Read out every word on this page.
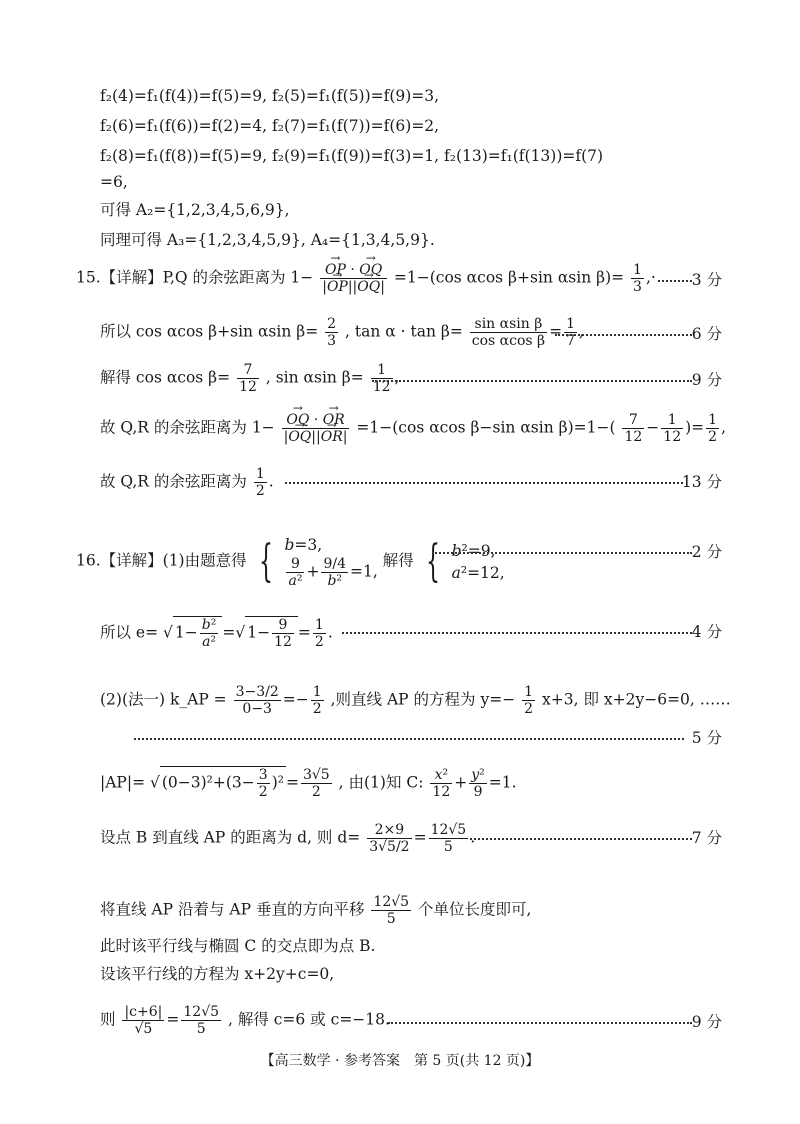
f₂(4)=f₁(f(4))=f(5)=9, f₂(5)=f₁(f(5))=f(9)=3,
f₂(6)=f₁(f(6))=f(2)=4, f₂(7)=f₁(f(7))=f(6)=2,
f₂(8)=f₁(f(8))=f(5)=9, f₂(9)=f₁(f(9))=f(3)=1, f₂(13)=f₁(f(13))=f(7)
=6,
可得 A₂={1,2,3,4,5,6,9},
同理可得 A₃={1,2,3,4,5,9}, A₄={1,3,4,5,9}.
15.【详解】P,Q 的余弦距离为 1−
→ $\frac{OP \cdot \to OQ}{|\to OP||\to OQ|} =1-(\cos$ αcos β+sin αsin $\beta)= \frac{1}{3}$ ,· 3 分
所以 cos αcos β+sin αsin $\beta= \frac{2}{3}$ , $\tan \alpha \cdot \tan \beta= \frac{\text{sin αsin β}}{\text{cos αcos β}} = \frac{1}{7}$ ,	6 分
解得 cos αcos $\beta= \frac{7}{12}$ , sin αsin $\beta= \frac{1}{12}$ ,	9 分
故 Q,R 的余弦距离为 1−
→ $\frac{OQ \cdot \to OR}{|\to OQ||\to OR|} =1-(\cos$ αcos β−sin αsin $\beta)=1-( \frac{7}{12} - \frac{1}{12}$ )= $\frac{1}{2}$ ,
故 Q,R 的余弦距离为 $\frac{1}{2}$ .	13 分
16.【详解】(1)由题意得 { b=3,
$\frac{9}{\text{a²}} + \frac{9/4}{\text{b²}} =1$,
解得 { b²=9,
a²=12,
2 分
所以 e= √ $1- \frac{\text{b²}}{\text{a²}}$ =√ $1- \frac{9}{12} = \frac{1}{2}$ .	4 分
(2)(法一) k_AP = $\frac{3-3/2}{0-3} =- \frac{1}{2}$ ,则直线 AP 的方程为 $y=- \frac{1}{2} x+3$, 即 x+2y−6=0, ……
5 分
|AP|= √ $(0-3)^2+(3- \frac{3}{2} )^2 = \frac{3√5}{2}$ , 由(1)知 C: $\frac{\text{x²}}{12} + \frac{\text{y²}}{9} =1$.
设点 B 到直线 AP 的距离为 d, 则 $d= \frac{2\times 9}{3√5/2} = \frac{12√5}{5}$ .	7 分
将直线 AP 沿着与 AP 垂直的方向平移 $\frac{12√5}{5}$ 个单位长度即可,
此时该平行线与椭圆 C 的交点即为点 B.
设该平行线的方程为 x+2y+c=0,
则 $\frac{|c+6|}{√5} = \frac{12√5}{5}$ , 解得 c=6 或 c=−18.	9 分
【高三数学 · 参考答案　第 5 页(共 12 页)】
